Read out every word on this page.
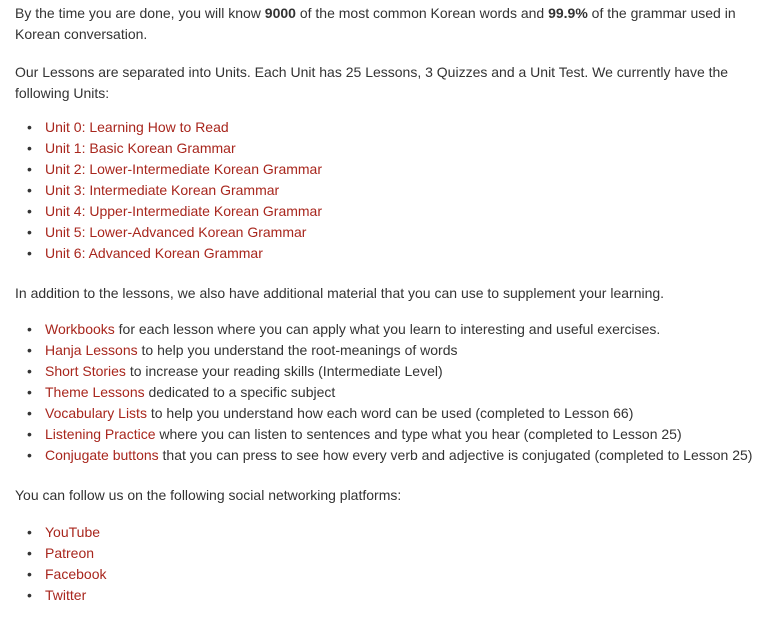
By the time you are done, you will know 9000 of the most common Korean words and 99.9% of the grammar used in Korean conversation.

Our Lessons are separated into Units. Each Unit has 25 Lessons, 3 Quizzes and a Unit Test. We currently have the following Units:

• Unit 0: Learning How to Read
• Unit 1: Basic Korean Grammar
• Unit 2: Lower-Intermediate Korean Grammar
• Unit 3: Intermediate Korean Grammar
• Unit 4: Upper-Intermediate Korean Grammar
• Unit 5: Lower-Advanced Korean Grammar
• Unit 6: Advanced Korean Grammar

In addition to the lessons, we also have additional material that you can use to supplement your learning.

• Workbooks for each lesson where you can apply what you learn to interesting and useful exercises.
• Hanja Lessons to help you understand the root-meanings of words
• Short Stories to increase your reading skills (Intermediate Level)
• Theme Lessons dedicated to a specific subject
• Vocabulary Lists to help you understand how each word can be used (completed to Lesson 66)
• Listening Practice where you can listen to sentences and type what you hear (completed to Lesson 25)
• Conjugate buttons that you can press to see how every verb and adjective is conjugated (completed to Lesson 25)

You can follow us on the following social networking platforms:

• YouTube
• Patreon
• Facebook
• Twitter
